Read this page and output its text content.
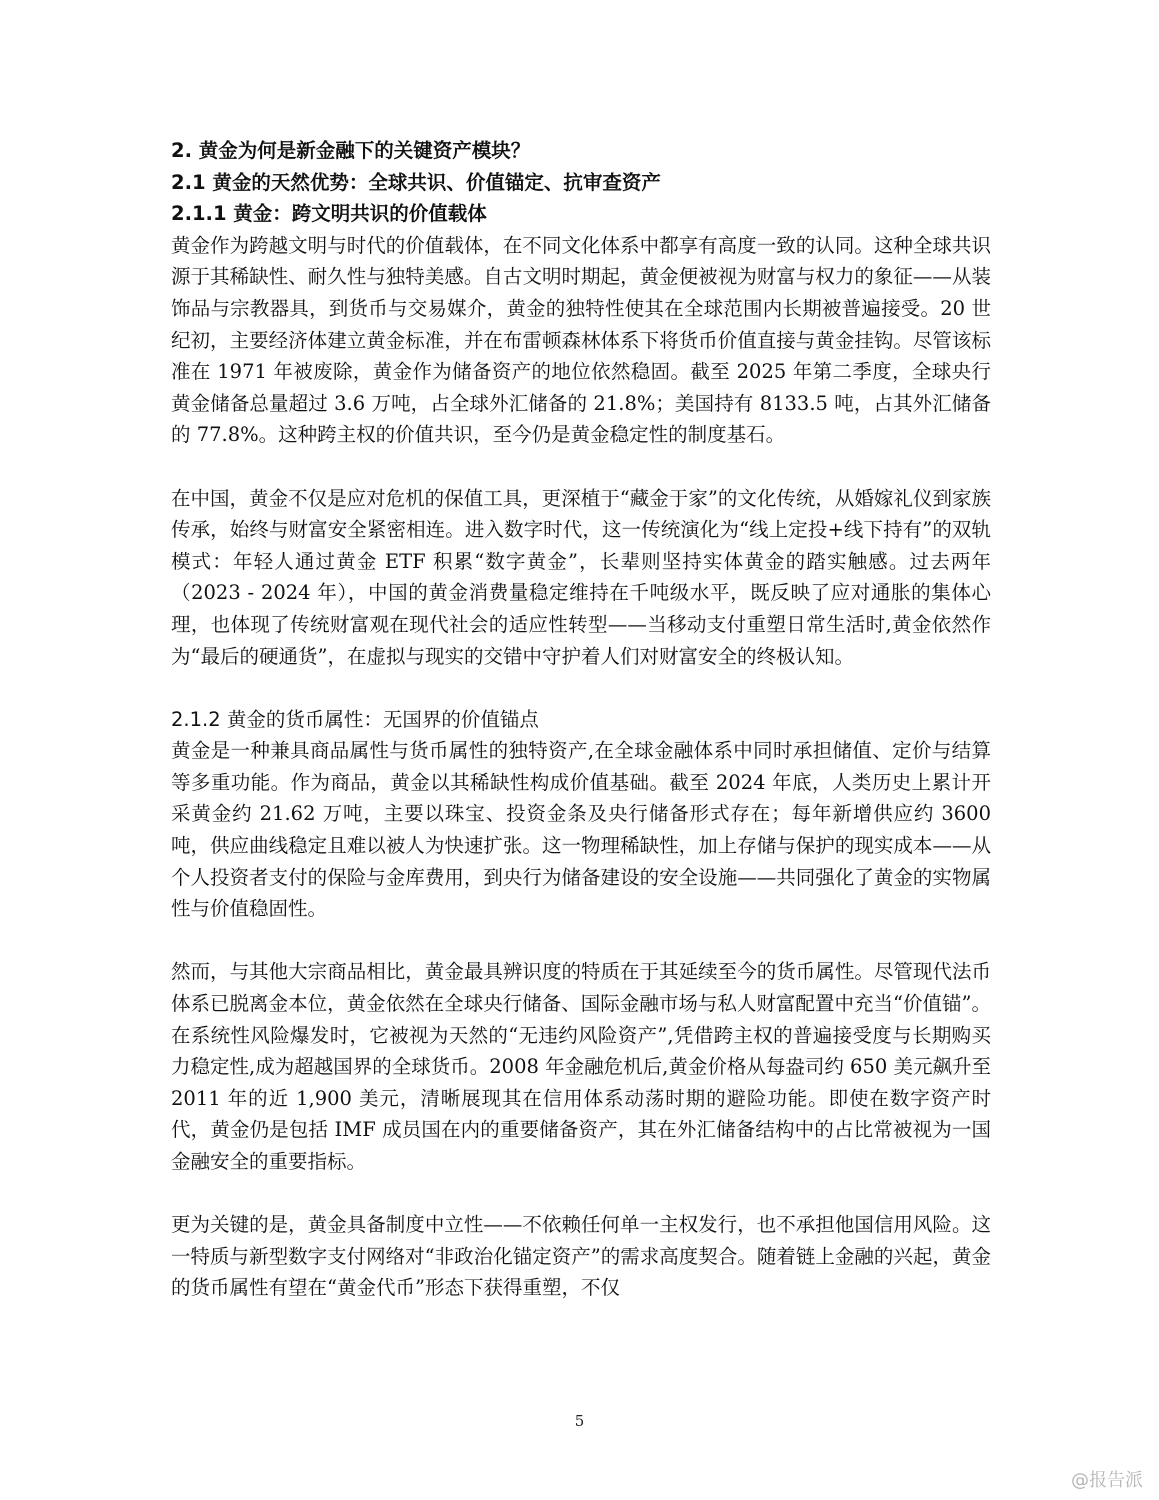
2. 黄金为何是新金融下的关键资产模块？
2.1 黄金的天然优势：全球共识、价值锚定、抗审查资产
2.1.1 黄金：跨文明共识的价值载体

黄金作为跨越文明与时代的价值载体，在不同文化体系中都享有高度一致的认同。这种全球共识源于其稀缺性、耐久性与独特美感。自古文明时期起，黄金便被视为财富与权力的象征——从装饰品与宗教器具，到货币与交易媒介，黄金的独特性使其在全球范围内长期被普遍接受。20 世纪初，主要经济体建立黄金标准，并在布雷顿森林体系下将货币价值直接与黄金挂钩。尽管该标准在 1971 年被废除，黄金作为储备资产的地位依然稳固。截至 2025 年第二季度，全球央行黄金储备总量超过 3.6 万吨，占全球外汇储备的 21.8%；美国持有 8133.5 吨，占其外汇储备的 77.8%。这种跨主权的价值共识，至今仍是黄金稳定性的制度基石。

在中国，黄金不仅是应对危机的保值工具，更深植于“藏金于家”的文化传统，从婚嫁礼仪到家族传承，始终与财富安全紧密相连。进入数字时代，这一传统演化为“线上定投+线下持有”的双轨模式：年轻人通过黄金 ETF 积累“数字黄金”，长辈则坚持实体黄金的踏实触感。过去两年（2023 - 2024 年），中国的黄金消费量稳定维持在千吨级水平，既反映了应对通胀的集体心理，也体现了传统财富观在现代社会的适应性转型——当移动支付重塑日常生活时,黄金依然作为“最后的硬通货”，在虚拟与现实的交错中守护着人们对财富安全的终极认知。

2.1.2 黄金的货币属性：无国界的价值锚点

黄金是一种兼具商品属性与货币属性的独特资产,在全球金融体系中同时承担储值、定价与结算等多重功能。作为商品，黄金以其稀缺性构成价值基础。截至 2024 年底，人类历史上累计开采黄金约 21.62 万吨，主要以珠宝、投资金条及央行储备形式存在；每年新增供应约 3600 吨，供应曲线稳定且难以被人为快速扩张。这一物理稀缺性，加上存储与保护的现实成本——从个人投资者支付的保险与金库费用，到央行为储备建设的安全设施——共同强化了黄金的实物属性与价值稳固性。

然而，与其他大宗商品相比，黄金最具辨识度的特质在于其延续至今的货币属性。尽管现代法币体系已脱离金本位，黄金依然在全球央行储备、国际金融市场与私人财富配置中充当“价值锚”。在系统性风险爆发时，它被视为天然的“无违约风险资产”,凭借跨主权的普遍接受度与长期购买力稳定性,成为超越国界的全球货币。2008 年金融危机后,黄金价格从每盎司约 650 美元飙升至 2011 年的近 1,900 美元，清晰展现其在信用体系动荡时期的避险功能。即使在数字资产时代，黄金仍是包括 IMF 成员国在内的重要储备资产，其在外汇储备结构中的占比常被视为一国金融安全的重要指标。

更为关键的是，黄金具备制度中立性——不依赖任何单一主权发行，也不承担他国信用风险。这一特质与新型数字支付网络对“非政治化锚定资产”的需求高度契合。随着链上金融的兴起，黄金的货币属性有望在“黄金代币”形态下获得重塑，不仅

5
@报告派
